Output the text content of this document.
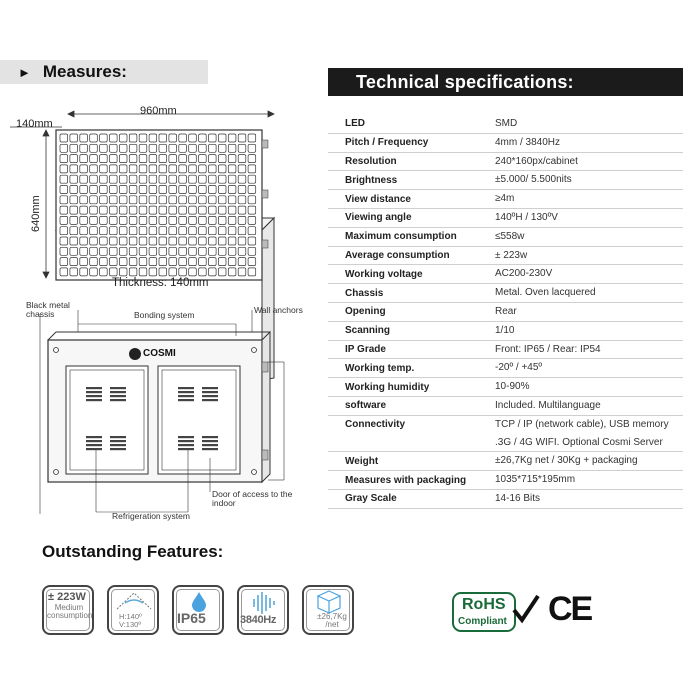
► Measures:	Technical specifications:
LED	SMD
Pitch / Frequency	4mm / 3840Hz
Resolution	240*160px/cabinet
Brightness	±5.000/ 5.500nits
View distance	≥4m
Viewing angle	140ºH / 130ºV
Maximum consumption	≤558w
Average consumption	± 223w
Working voltage	AC200-230V
Chassis	Metal. Oven lacquered
Opening	Rear
Scanning	1/10
IP Grade	Front: IP65 / Rear: IP54
Working temp.	-20º / +45º
Working humidity	10-90%
software	Included. Multilanguage
Connectivity	TCP / IP (network cable), USB memory .3G / 4G WIFI. Optional Cosmi Server
Weight	±26,7Kg net / 30Kg + packaging
Measures with packaging	1035*715*195mm
Gray Scale	14-16 Bits
960mm
140mm
640mm
Thickness: 140mm
Black metal chassis	Bonding system	Wall anchors
COSMI
Door of access to the indoor
Refrigeration system
Outstanding Features:
± 223W
Medium consumption	H:140º V:130º	IP65	3840Hz	±26,7Kg /net
RoHS
Compliant CE
